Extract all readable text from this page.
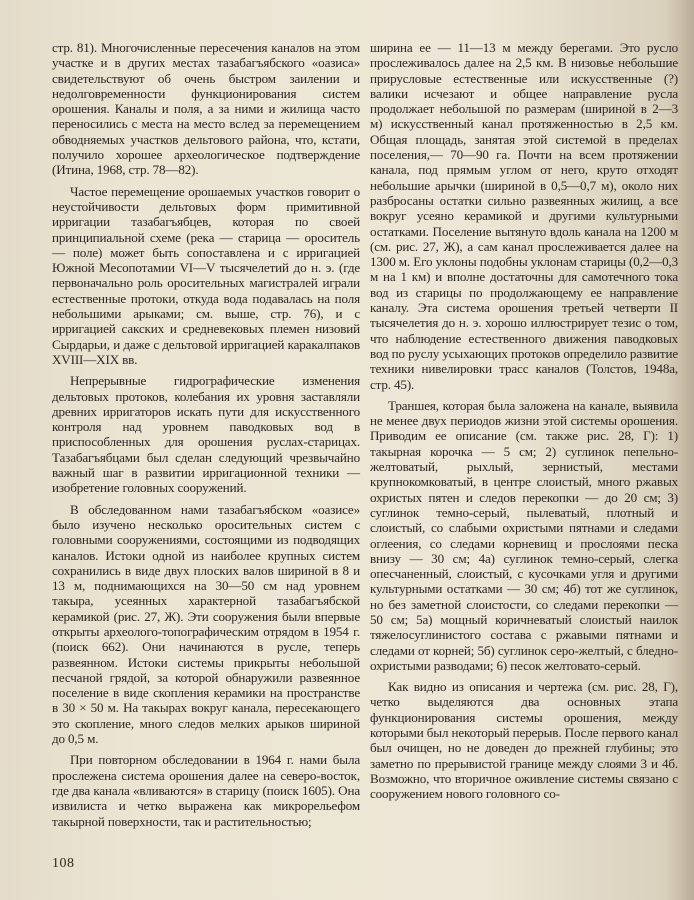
стр. 81). Многочисленные пересечения каналов на этом участке и в других местах тазабагъябского «оазиса» свидетельствуют об очень быстром заилении и недолговременности функционирования систем орошения. Каналы и поля, а за ними и жилища часто переносились с места на место вслед за перемещением обводняемых участков дельтового района, что, кстати, получило хорошее археологическое подтверждение (Итина, 1968, стр. 78—82).

Частое перемещение орошаемых участков говорит о неустойчивости дельтовых форм примитивной ирригации тазабагъябцев, которая по своей принципиальной схеме (река — старица — ороситель — поле) может быть сопоставлена и с ирригацией Южной Месопотамии VI—V тысячелетий до н. э. (где первоначально роль оросительных магистралей играли естественные протоки, откуда вода подавалась на поля небольшими арыками; см. выше, стр. 76), и с ирригацией сакских и средневековых племен низовий Сырдарьи, и даже с дельтовой ирригацией каракалпаков XVIII—XIX вв.

Непрерывные гидрографические изменения дельтовых протоков, колебания их уровня заставляли древних ирригаторов искать пути для искусственного контроля над уровнем паводковых вод в приспособленных для орошения руслах-старицах. Тазабагъябцами был сделан следующий чрезвычайно важный шаг в развитии ирригационной техники — изобретение головных сооружений.

В обследованном нами тазабагъябском «оазисе» было изучено несколько оросительных систем с головными сооружениями, состоящими из подводящих каналов. Истоки одной из наиболее крупных систем сохранились в виде двух плоских валов шириной в 8 и 13 м, поднимающихся на 30—50 см над уровнем такыра, усеянных характерной тазабагъябской керамикой (рис. 27, Ж). Эти сооружения были впервые открыты археолого-топографическим отрядом в 1954 г. (поиск 662). Они начинаются в русле, теперь развеянном. Истоки системы прикрыты небольшой песчаной грядой, за которой обнаружили развеянное поселение в виде скопления керамики на пространстве в 30 × 50 м. На такырах вокруг канала, пересекающего это скопление, много следов мелких арыков шириной до 0,5 м.

При повторном обследовании в 1964 г. нами была прослежена система орошения далее на северо-восток, где два канала «вливаются» в старицу (поиск 1605). Она извилиста и четко выражена как микрорельефом такырной поверхности, так и растительностью;

ширина ее — 11—13 м между берегами. Это русло прослеживалось далее на 2,5 км. В низовье небольшие прирусловые естественные или искусственные (?) валики исчезают и общее направление русла продолжает небольшой по размерам (шириной в 2—3 м) искусственный канал протяженностью в 2,5 км. Общая площадь, занятая этой системой в пределах поселения,— 70—90 га. Почти на всем протяжении канала, под прямым углом от него, круто отходят небольшие арычки (шириной в 0,5—0,7 м), около них разбросаны остатки сильно развеянных жилищ, а все вокруг усеяно керамикой и другими культурными остатками. Поселение вытянуто вдоль канала на 1200 м (см. рис. 27, Ж), а сам канал прослеживается далее на 1300 м. Его уклоны подобны уклонам старицы (0,2—0,3 м на 1 км) и вполне достаточны для самотечного тока вод из старицы по продолжающему ее направление каналу. Эта система орошения третьей четверти II тысячелетия до н. э. хорошо иллюстрирует тезис о том, что наблюдение естественного движения паводковых вод по руслу усыхающих протоков определило развитие техники нивелировки трасс каналов (Толстов, 1948а, стр. 45).

Траншея, которая была заложена на канале, выявила не менее двух периодов жизни этой системы орошения. Приводим ее описание (см. также рис. 28, Г): 1) такырная корочка — 5 см; 2) суглинок пепельно-желтоватый, рыхлый, зернистый, местами крупнокомковатый, в центре слоистый, много ржавых охристых пятен и следов перекопки — до 20 см; 3) суглинок темно-серый, пылеватый, плотный и слоистый, со слабыми охристыми пятнами и следами оглеения, со следами корневищ и прослоями песка внизу — 30 см; 4а) суглинок темно-серый, слегка опесчаненный, слоистый, с кусочками угля и другими культурными остатками — 30 см; 4б) тот же суглинок, но без заметной слоистости, со следами перекопки — 50 см; 5а) мощный коричневатый слоистый наилок тяжелосуглинистого состава с ржавыми пятнами и следами от корней; 5б) суглинок серо-желтый, с бледно-охристыми разводами; 6) песок желтовато-серый.

Как видно из описания и чертежа (см. рис. 28, Г), четко выделяются два основных этапа функционирования системы орошения, между которыми был некоторый перерыв. После первого канал был очищен, но не доведен до прежней глубины; это заметно по прерывистой границе между слоями 3 и 4б. Возможно, что вторичное оживление системы связано с сооружением нового головного со-

108
